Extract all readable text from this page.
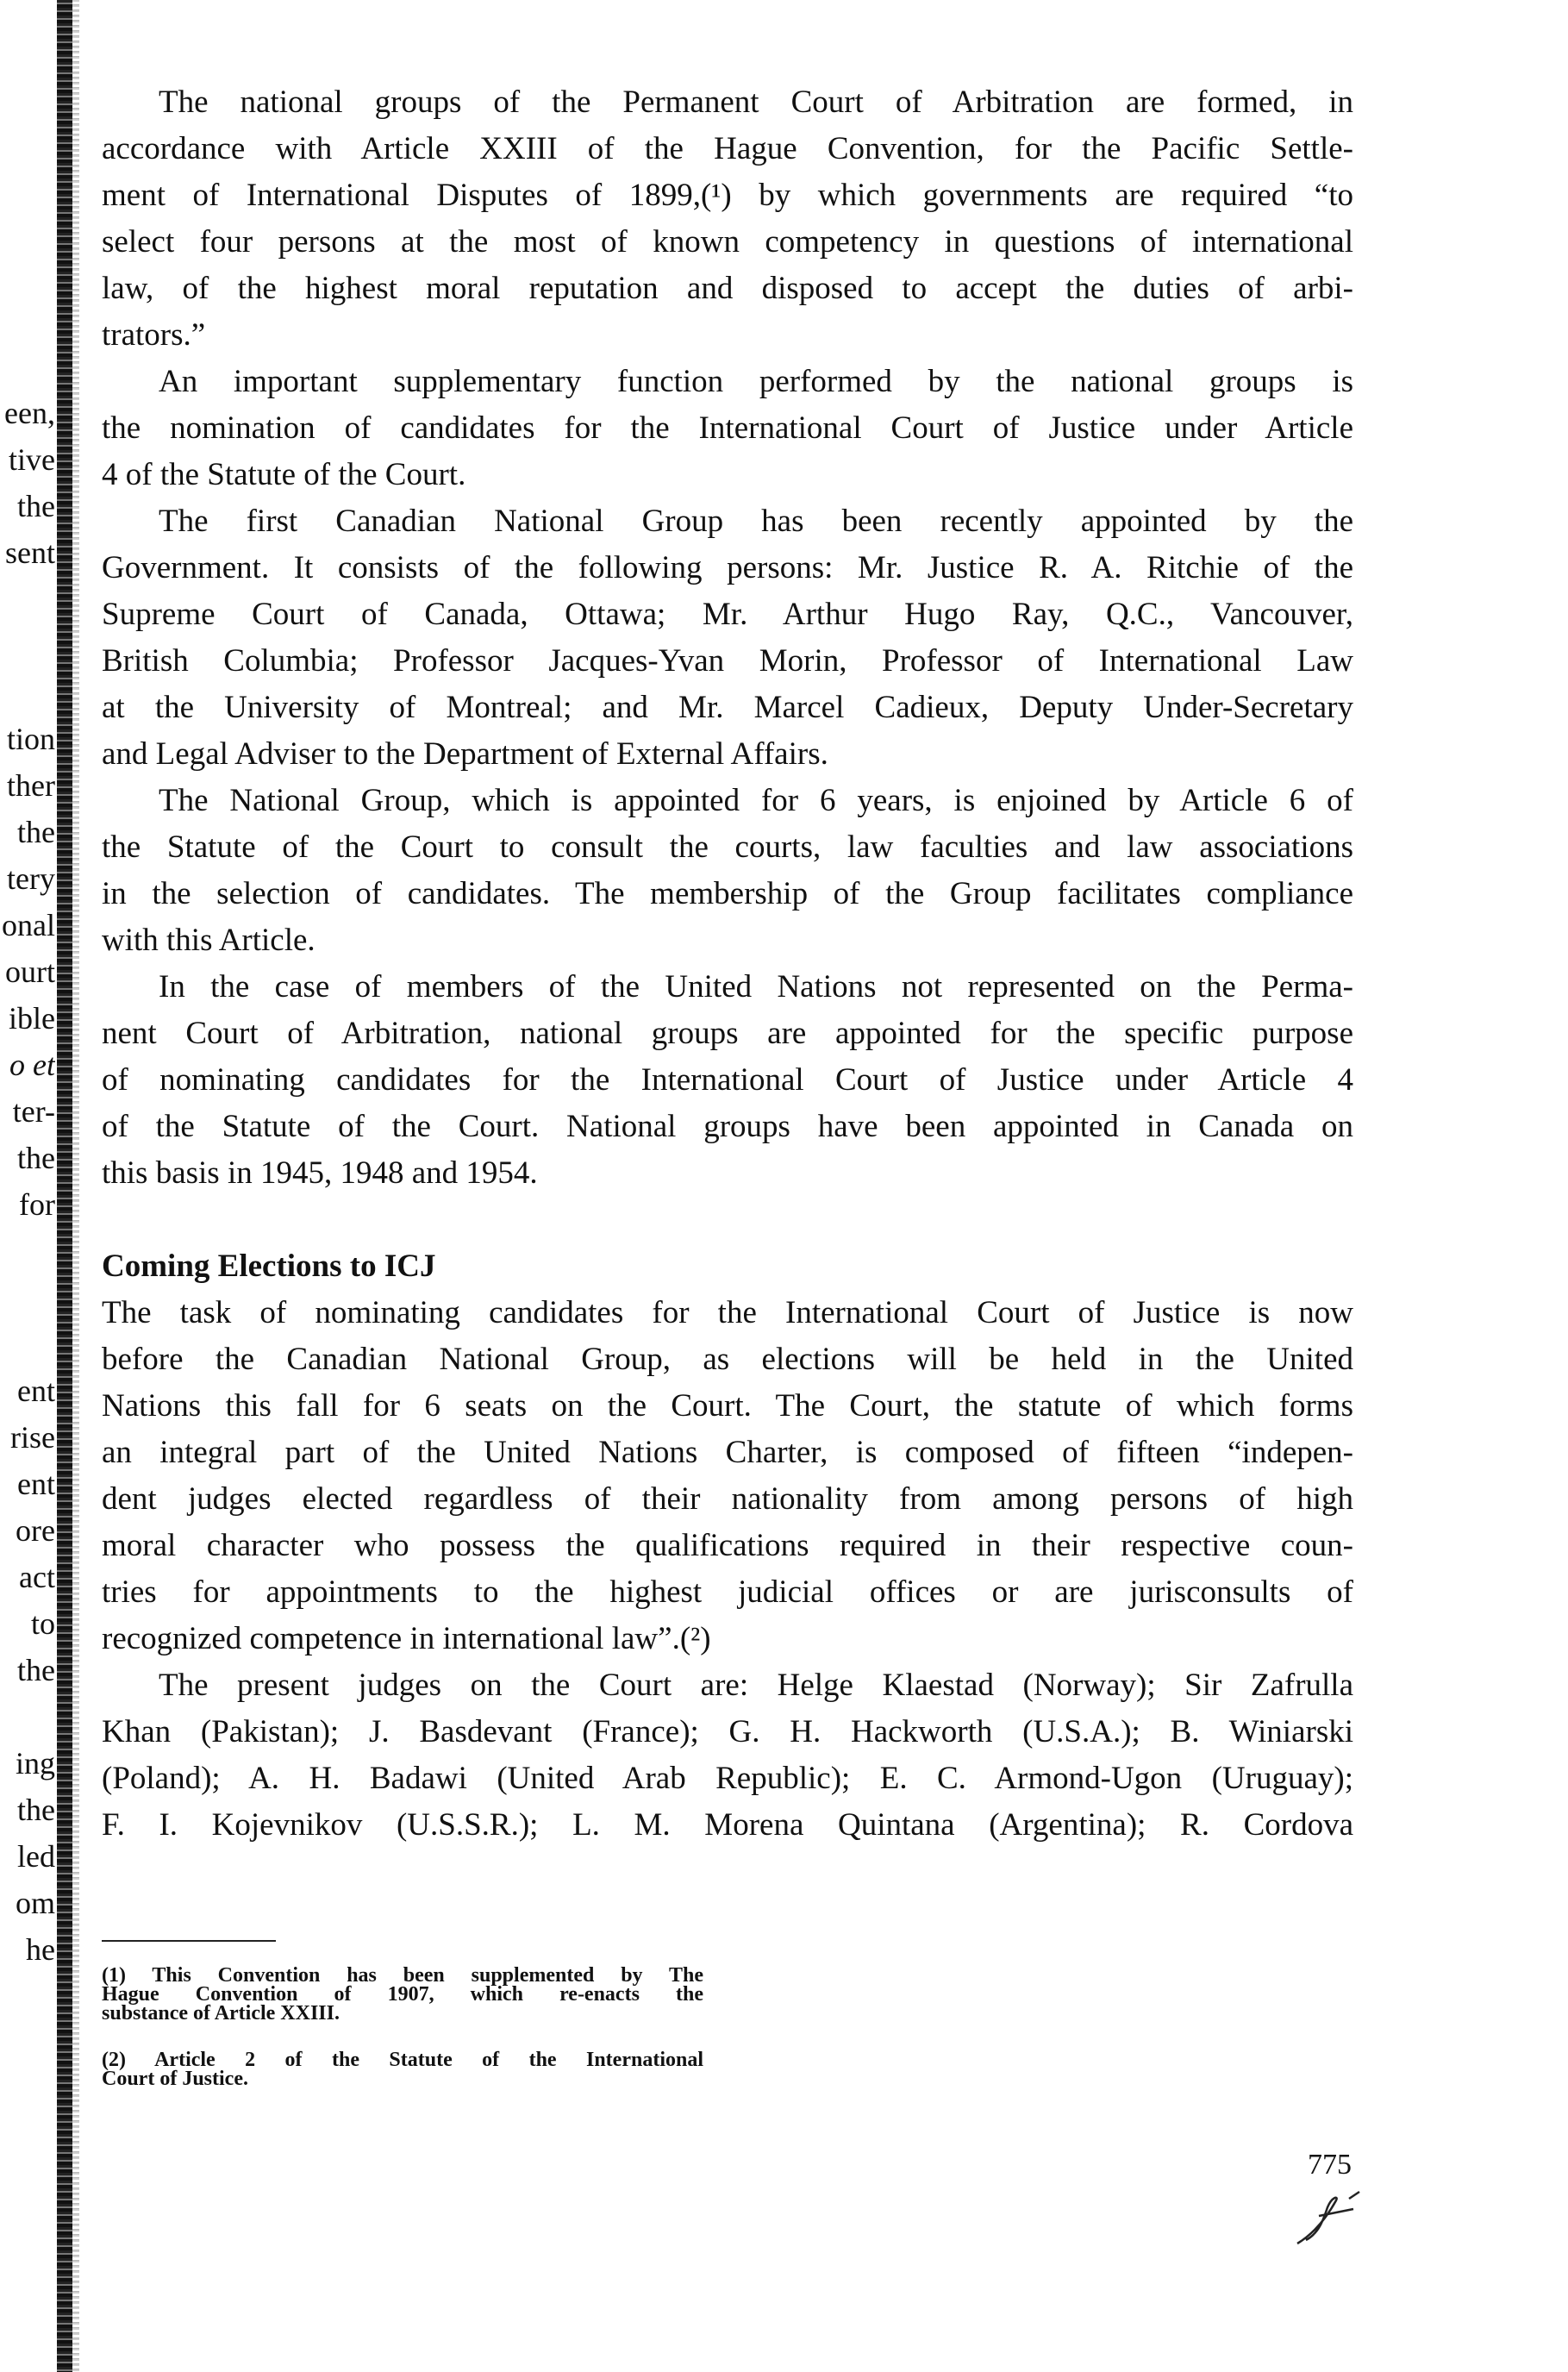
een,
tive
the
sent
tion
ther
the
tery
onal
ourt
ible
o et
ter-
the
for
ent
rise
ent
ore
act
to
the
ing
the
led
om
he
The national groups of the Permanent Court of Arbitration are formed, in
accordance with Article XXIII of the Hague Convention, for the Pacific Settle-
ment of International Disputes of 1899,(¹) by which governments are required “to
select four persons at the most of known competency in questions of international
law, of the highest moral reputation and disposed to accept the duties of arbi-
trators.”
An important supplementary function performed by the national groups is
the nomination of candidates for the International Court of Justice under Article
4 of the Statute of the Court.
The first Canadian National Group has been recently appointed by the
Government. It consists of the following persons: Mr. Justice R. A. Ritchie of the
Supreme Court of Canada, Ottawa; Mr. Arthur Hugo Ray, Q.C., Vancouver,
British Columbia; Professor Jacques-Yvan Morin, Professor of International Law
at the University of Montreal; and Mr. Marcel Cadieux, Deputy Under-Secretary
and Legal Adviser to the Department of External Affairs.
The National Group, which is appointed for 6 years, is enjoined by Article 6 of
the Statute of the Court to consult the courts, law faculties and law associations
in the selection of candidates. The membership of the Group facilitates compliance
with this Article.
In the case of members of the United Nations not represented on the Perma-
nent Court of Arbitration, national groups are appointed for the specific purpose
of nominating candidates for the International Court of Justice under Article 4
of the Statute of the Court. National groups have been appointed in Canada on
this basis in 1945, 1948 and 1954.
Coming Elections to ICJ
The task of nominating candidates for the International Court of Justice is now
before the Canadian National Group, as elections will be held in the United
Nations this fall for 6 seats on the Court. The Court, the statute of which forms
an integral part of the United Nations Charter, is composed of fifteen “indepen-
dent judges elected regardless of their nationality from among persons of high
moral character who possess the qualifications required in their respective coun-
tries for appointments to the highest judicial offices or are jurisconsults of
recognized competence in international law”.(²)
The present judges on the Court are: Helge Klaestad (Norway); Sir Zafrulla
Khan (Pakistan); J. Basdevant (France); G. H. Hackworth (U.S.A.); B. Winiarski
(Poland); A. H. Badawi (United Arab Republic); E. C. Armond-Ugon (Uruguay);
F. I. Kojevnikov (U.S.S.R.); L. M. Morena Quintana (Argentina); R. Cordova
(1) This Convention has been supplemented by The
Hague Convention of 1907, which re-enacts the
substance of Article XXIII.
(2) Article 2 of the Statute of the International
Court of Justice.
775
